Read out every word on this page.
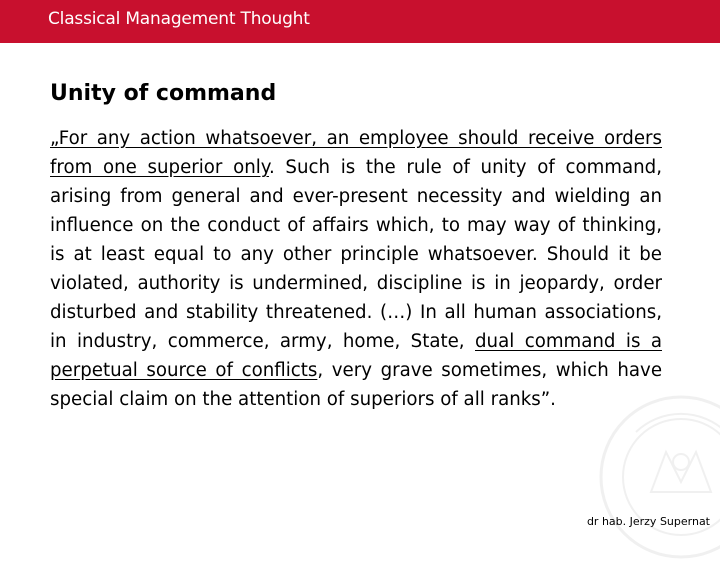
Classical Management Thought
Unity of command

„For any action whatsoever, an employee should receive orders from one superior only. Such is the rule of unity of command, arising from general and ever-present necessity and wielding an influence on the conduct of affairs which, to may way of thinking, is at least equal to any other principle whatsoever. Should it be violated, authority is undermined, discipline is in jeopardy, order disturbed and stability threatened. (…) In all human associations, in industry, commerce, army, home, State, dual command is a perpetual source of conflicts, very grave sometimes, which have special claim on the attention of superiors of all ranks”.

dr hab. Jerzy Supernat
